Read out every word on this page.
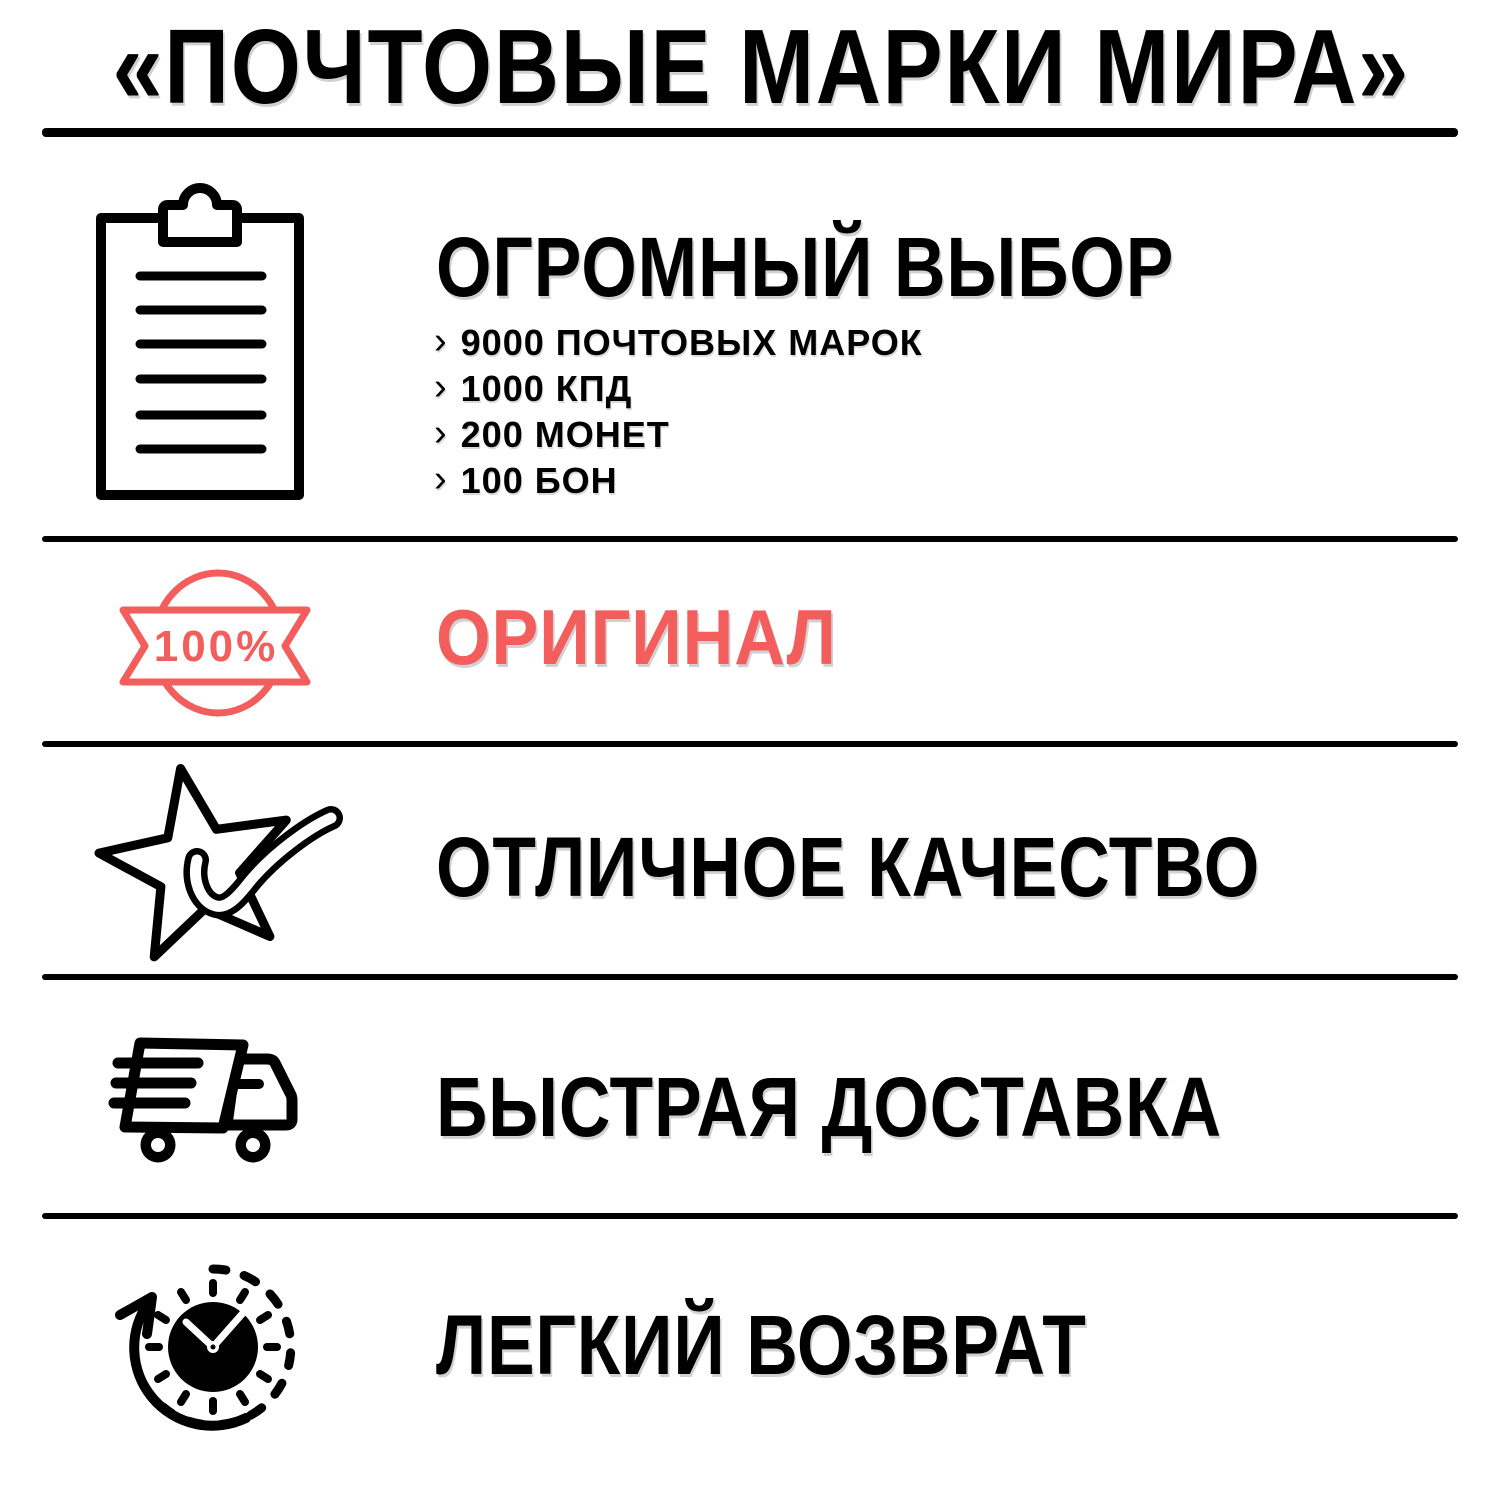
«ПОЧТОВЫЕ МАРКИ МИРА»
ОГРОМНЫЙ ВЫБОР
› 9000 ПОЧТОВЫХ МАРОК
› 1000 КПД
› 200 МОНЕТ
› 100 БОН
100% ОРИГИНАЛ
ОТЛИЧНОЕ КАЧЕСТВО
БЫСТРАЯ ДОСТАВКА
ЛЕГКИЙ ВОЗВРАТ
